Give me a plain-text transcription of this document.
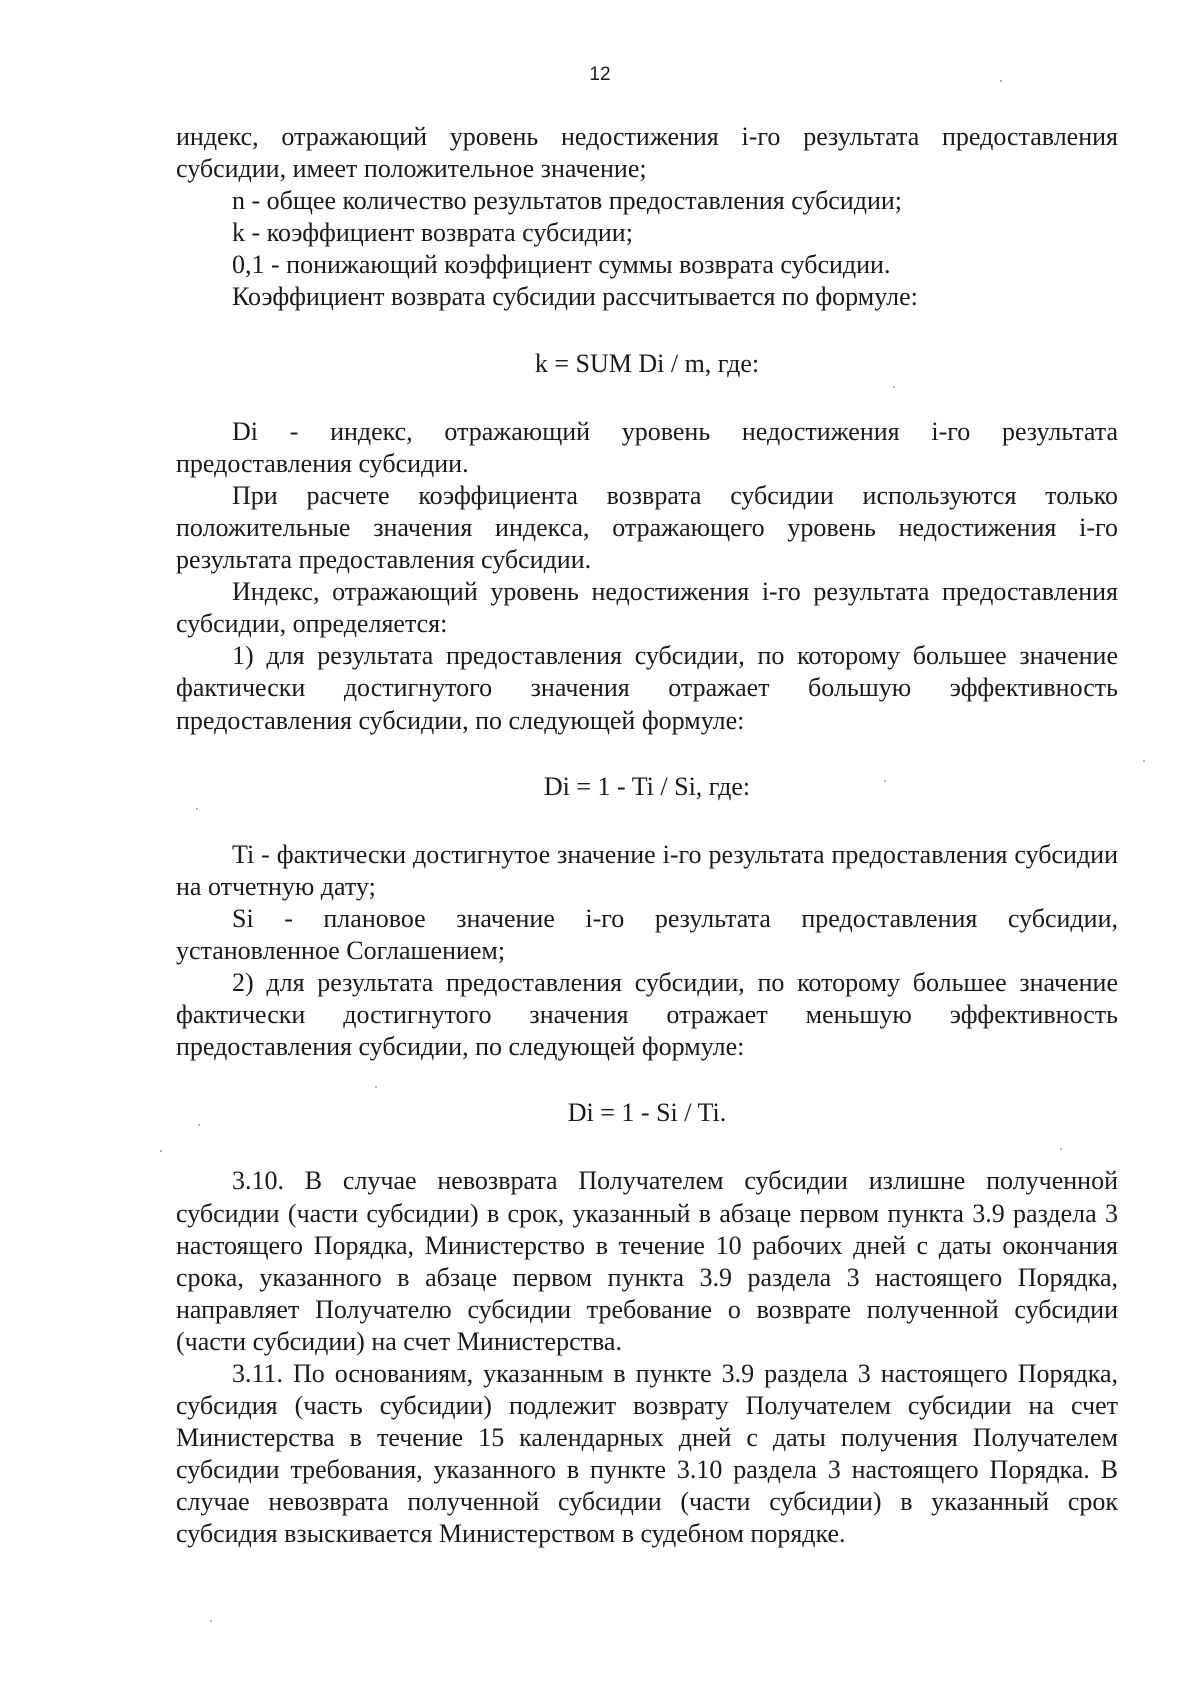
12

индекс, отражающий уровень недостижения i-го результата предоставления субсидии, имеет положительное значение;

n - общее количество результатов предоставления субсидии;

k - коэффициент возврата субсидии;

0,1 - понижающий коэффициент суммы возврата субсидии.

Коэффициент возврата субсидии рассчитывается по формуле:

k = SUM Di / m, где:

Di - индекс, отражающий уровень недостижения i-го результата предоставления субсидии.

При расчете коэффициента возврата субсидии используются только положительные значения индекса, отражающего уровень недостижения i-го результата предоставления субсидии.

Индекс, отражающий уровень недостижения i-го результата предоставления субсидии, определяется:

1) для результата предоставления субсидии, по которому большее значение фактически достигнутого значения отражает большую эффективность предоставления субсидии, по следующей формуле:

Di = 1 - Ti / Si, где:

Ti - фактически достигнутое значение i-го результата предоставления субсидии на отчетную дату;

Si - плановое значение i-го результата предоставления субсидии, установленное Соглашением;

2) для результата предоставления субсидии, по которому большее значение фактически достигнутого значения отражает меньшую эффективность предоставления субсидии, по следующей формуле:

Di = 1 - Si / Ti.

3.10. В случае невозврата Получателем субсидии излишне полученной субсидии (части субсидии) в срок, указанный в абзаце первом пункта 3.9 раздела 3 настоящего Порядка, Министерство в течение 10 рабочих дней с даты окончания срока, указанного в абзаце первом пункта 3.9 раздела 3 настоящего Порядка, направляет Получателю субсидии требование о возврате полученной субсидии (части субсидии) на счет Министерства.

3.11. По основаниям, указанным в пункте 3.9 раздела 3 настоящего Порядка, субсидия (часть субсидии) подлежит возврату Получателем субсидии на счет Министерства в течение 15 календарных дней с даты получения Получателем субсидии требования, указанного в пункте 3.10 раздела 3 настоящего Порядка. В случае невозврата полученной субсидии (части субсидии) в указанный срок субсидия взыскивается Министерством в судебном порядке.
